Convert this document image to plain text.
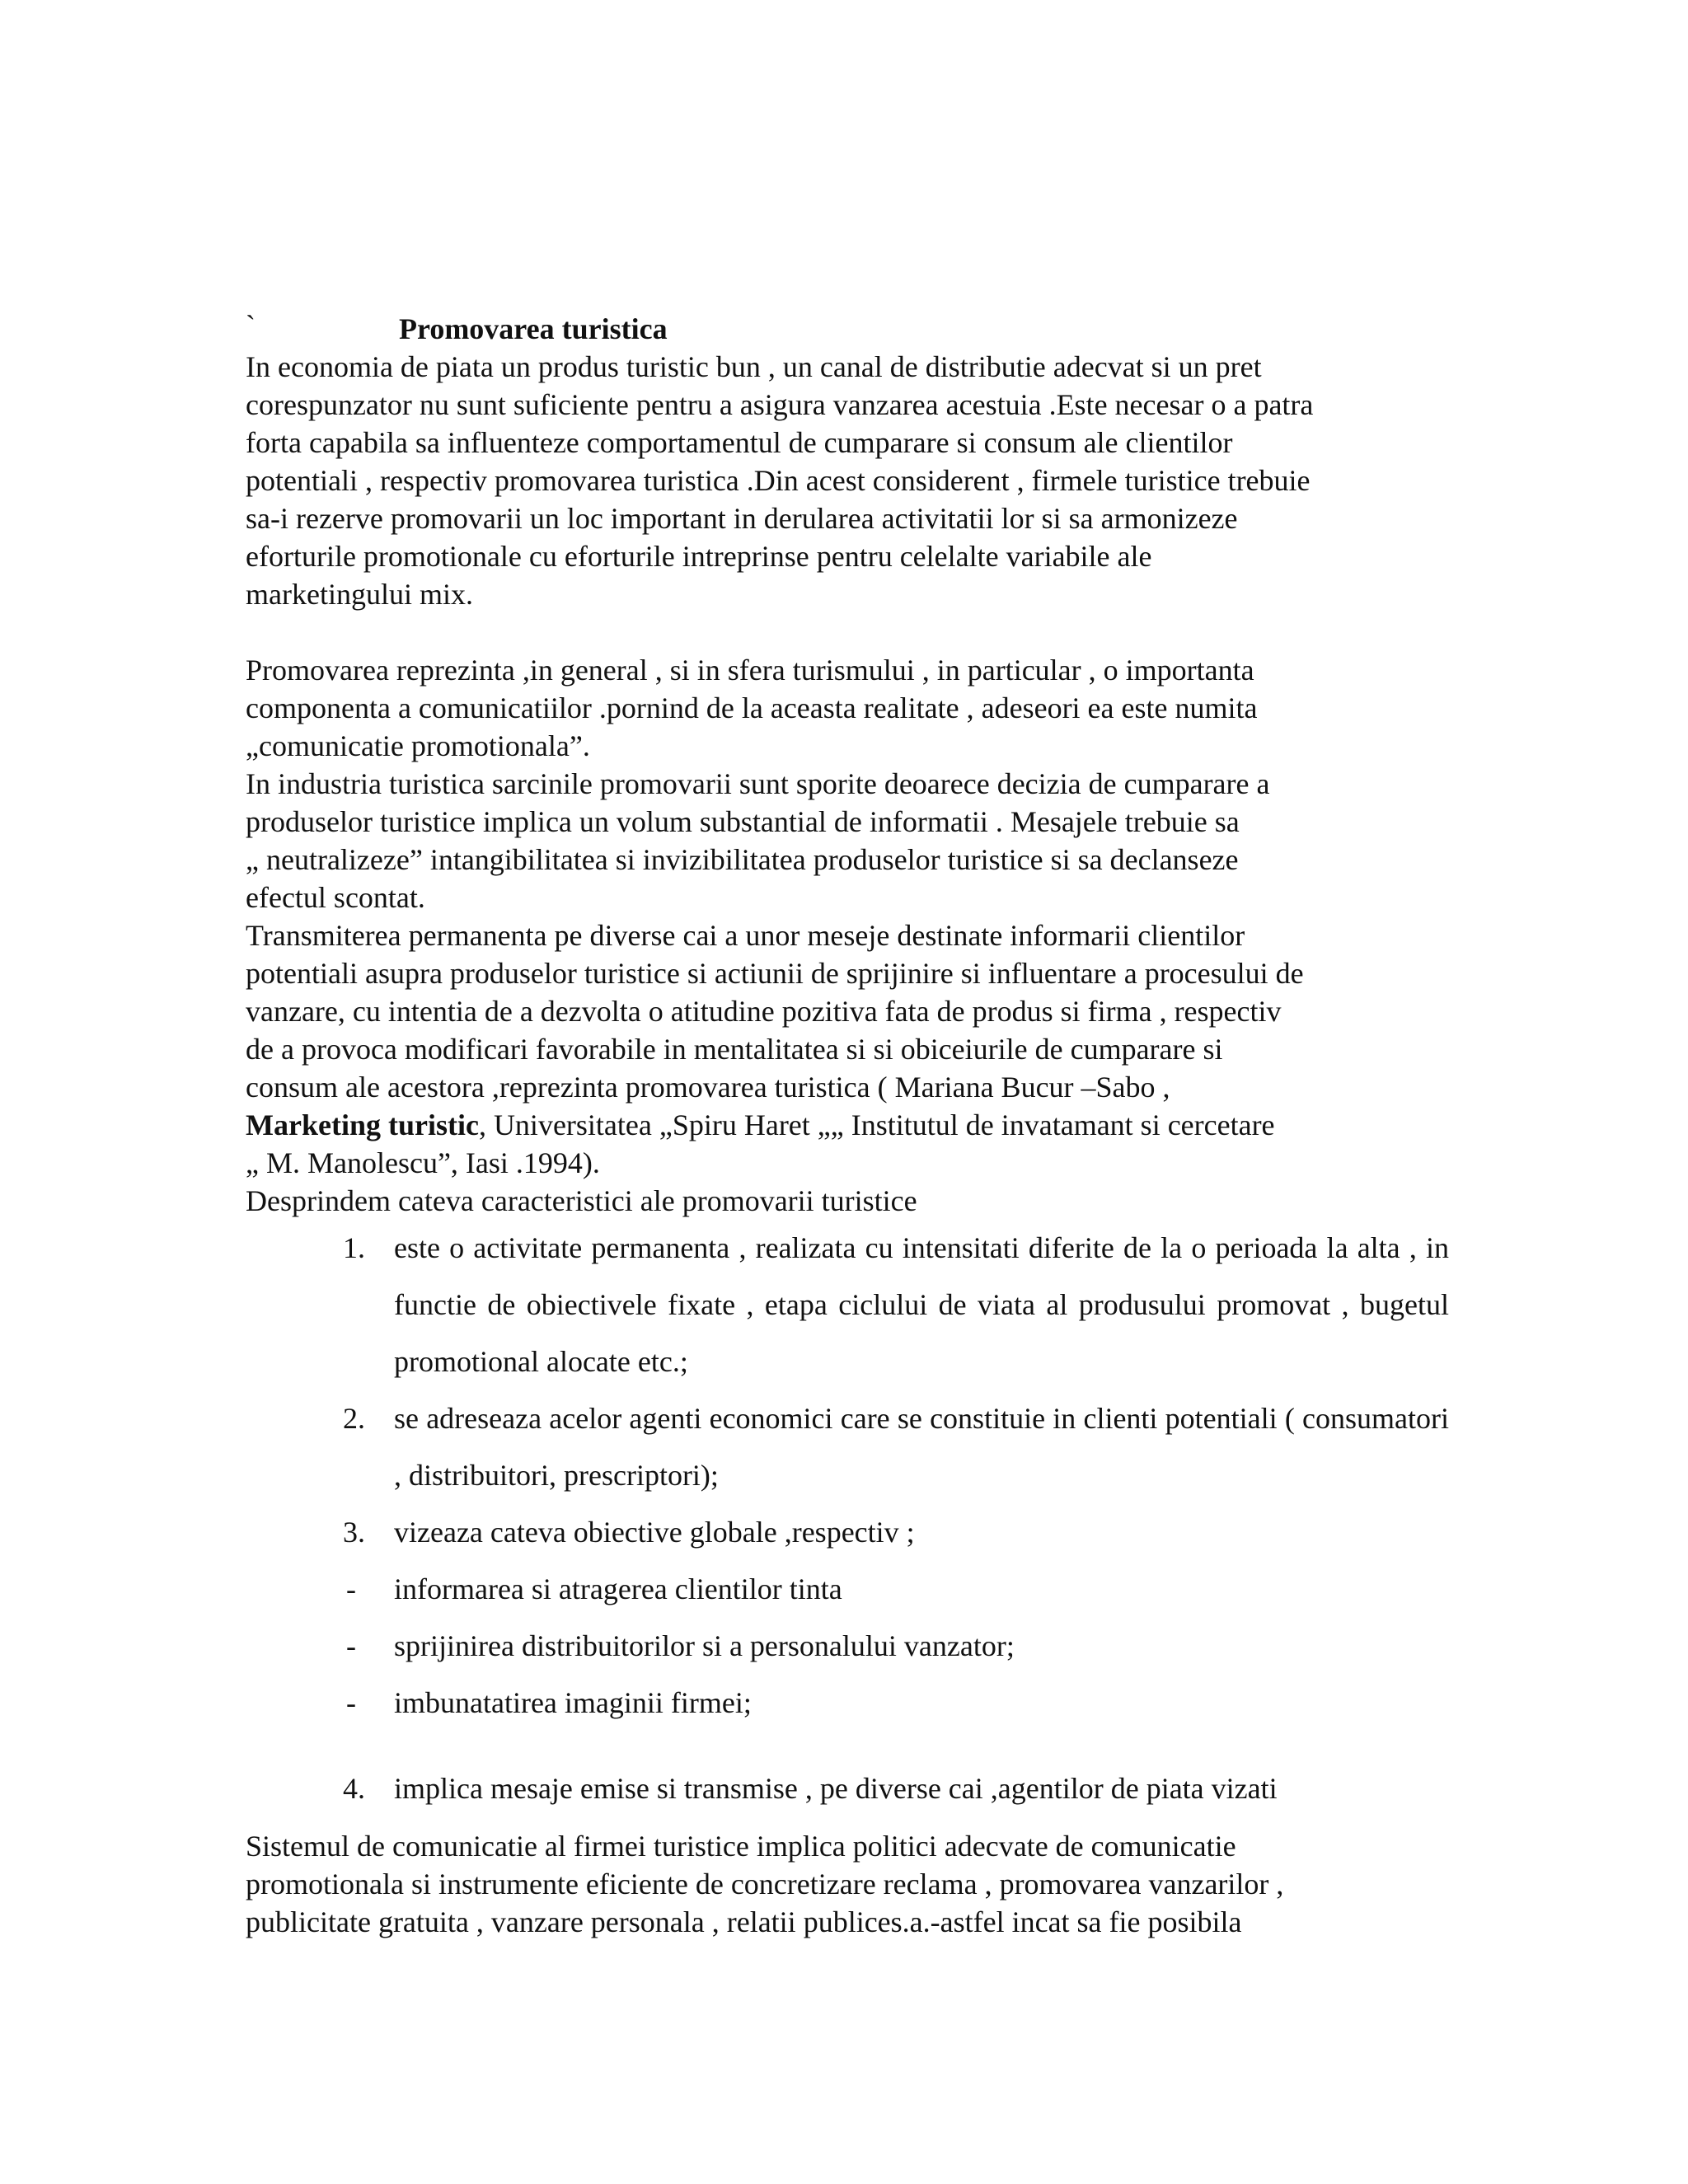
`	Promovarea turistica

In economia de piata un produs turistic bun , un canal de distributie adecvat si un pret

corespunzator nu sunt suficiente pentru a asigura vanzarea acestuia .Este necesar o a patra

forta capabila sa influenteze comportamentul de cumparare si consum ale clientilor

potentiali , respectiv promovarea turistica .Din acest considerent , firmele turistice trebuie

sa-i rezerve promovarii un loc important in derularea activitatii lor si sa armonizeze

eforturile promotionale cu eforturile intreprinse pentru celelalte variabile ale

marketingului mix.

Promovarea reprezinta ,in general , si in sfera turismului , in particular , o importanta

componenta a comunicatiilor .pornind de la aceasta realitate , adeseori ea este numita

„comunicatie promotionala”.

In industria turistica sarcinile promovarii sunt sporite deoarece decizia de cumparare a

produselor turistice implica un volum substantial de informatii . Mesajele trebuie sa

„ neutralizeze” intangibilitatea si invizibilitatea produselor turistice si sa declanseze

efectul scontat.

Transmiterea permanenta pe diverse cai a unor meseje destinate informarii clientilor

potentiali asupra produselor turistice si actiunii de sprijinire si influentare a procesului de

vanzare, cu intentia de a dezvolta o atitudine pozitiva fata de produs si firma , respectiv

de a provoca modificari favorabile in mentalitatea si si obiceiurile de cumparare si

consum ale acestora ,reprezinta promovarea turistica ( Mariana Bucur –Sabo ,

Marketing turistic, Universitatea „Spiru Haret „„ Institutul de invatamant si cercetare

„ M. Manolescu”, Iasi .1994).

Desprindem cateva caracteristici ale promovarii turistice

1. este o activitate permanenta , realizata cu intensitati diferite de la o perioada la alta , in functie de obiectivele fixate , etapa ciclului de viata al produsului promovat , bugetul promotional alocate etc.;
2. se adreseaza acelor agenti economici care se constituie in clienti potentiali ( consumatori , distribuitori, prescriptori);
3. vizeaza cateva obiective globale ,respectiv ;
-	informarea si atragerea clientilor tinta
-	sprijinirea distribuitorilor si a personalului vanzator;
-	imbunatatirea imaginii firmei;
4. implica mesaje emise si transmise , pe diverse cai ,agentilor de piata vizati

Sistemul de comunicatie al firmei turistice implica politici adecvate de comunicatie

promotionala si instrumente eficiente de concretizare reclama , promovarea vanzarilor ,

publicitate gratuita , vanzare personala , relatii publices.a.-astfel incat sa fie posibila
